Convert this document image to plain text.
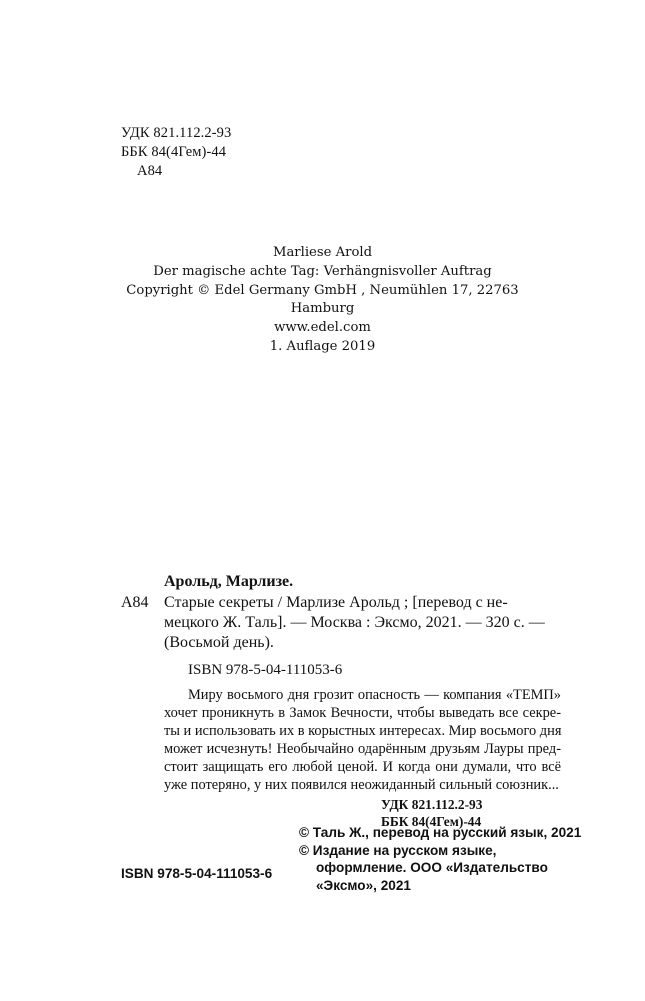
УДК 821.112.2-93
ББК 84(4Гем)-44
А84
Marliese Arold
Der magische achte Tag: Verhängnisvoller Auftrag
Copyright © Edel Germany GmbH , Neumühlen 17, 22763
Hamburg
www.edel.com
1. Auflage 2019
Арольд, Марлизе.
А84 Старые секреты / Марлизе Арольд ; [перевод с не-
мецкого Ж. Таль]. — Москва : Эксмо, 2021. — 320 с. —
(Восьмой день).
ISBN 978-5-04-111053-6
Миру восьмого дня грозит опасность — компания «ТЕМП»
хочет проникнуть в Замок Вечности, чтобы выведать все секре-
ты и использовать их в корыстных интересах. Мир восьмого дня
может исчезнуть! Необычайно одарённым друзьям Лауры пред-
стоит защищать его любой ценой. И когда они думали, что всё
уже потеряно, у них появился неожиданный сильный союзник...
УДК 821.112.2-93
ББК 84(4Гем)-44
© Таль Ж., перевод на русский язык, 2021
© Издание на русском языке,
оформление. ООО «Издательство
«Эксмо», 2021
ISBN 978-5-04-111053-6
